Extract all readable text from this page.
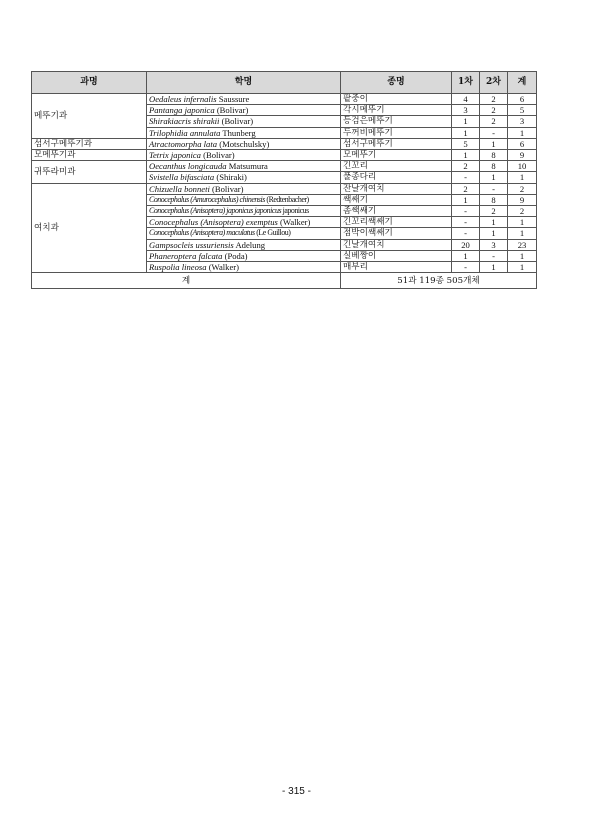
과명	학명	종명	1차	2차	계
메뚜기과	Oedaleus infernalis Saussure	팥중이	4	2	6
	Pantanga japonica (Bolivar)	각시메뚜기	3	2	5
	Shirakiacris shirakii (Bolivar)	등검은메뚜기	1	2	3
	Trilophidia annulata Thunberg	두꺼비메뚜기	1	-	1
섬서구메뚜기과	Atractomorpha lata (Motschulsky)	섬서구메뚜기	5	1	6
모메뚜기과	Tetrix japonica (Bolivar)	모메뚜기	1	8	9
귀뚜라미과	Oecanthus longicauda Matsumura	긴꼬리	2	8	10
	Svistella bifasciata (Shiraki)	풀종다리	-	1	1
여치과	Chizuella bonneti (Bolivar)	잔날개여치	2	-	2
	Conocephalus (Amurocephalus) chinensis (Redtenbacher)	쌕쌔기	1	8	9
	Conocephalus (Anisoptera) japonicus japonicus japonicus	좀쌕쌔기	-	2	2
	Conocephalus (Anisoptera) exemptus (Walker)	긴꼬리쌕쌔기	-	1	1
	Conocephalus (Anisoptera) maculatus (Le Guillou)	점박이쌕쌔기	-	1	1
	Gampsocleis ussuriensis Adelung	긴날개여치	20	3	23
	Phaneroptera falcata (Poda)	실베짱이	1	-	1
	Ruspolia lineosa (Walker)	매부리	-	1	1
계		51과 119종 505개체			
- 315 -
